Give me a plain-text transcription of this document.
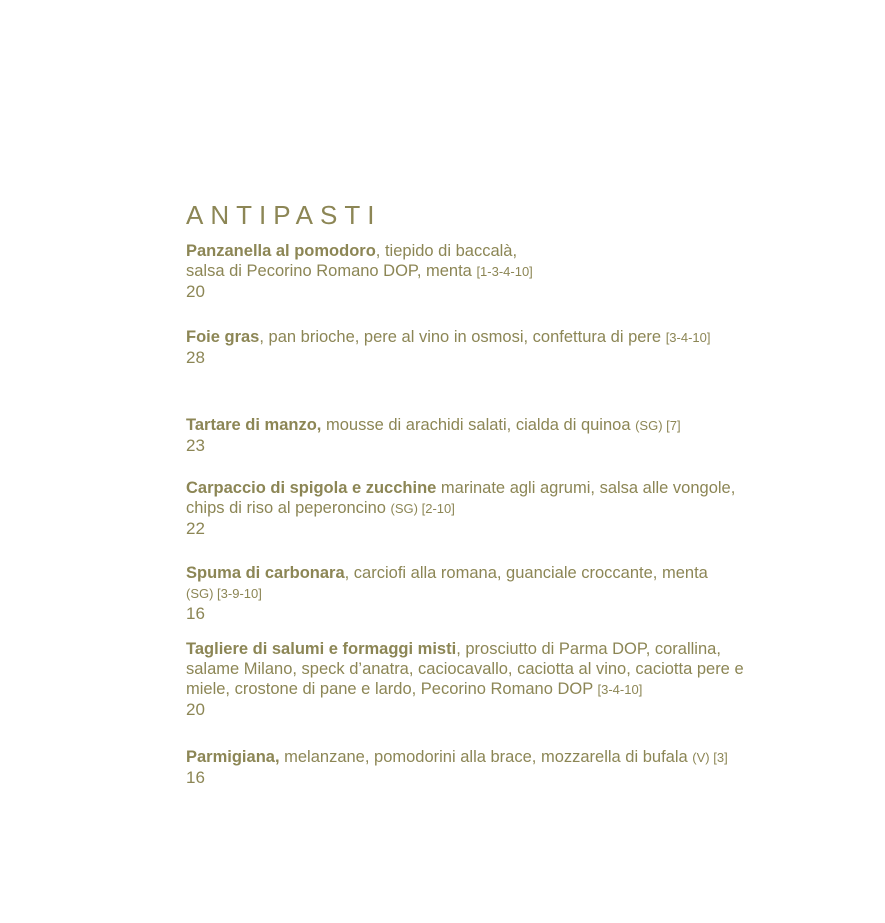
ANTIPASTI
Panzanella al pomodoro, tiepido di baccalà,
salsa di Pecorino Romano DOP, menta [1-3-4-10]
20
Foie gras, pan brioche, pere al vino in osmosi, confettura di pere [3-4-10]
28
Tartare di manzo, mousse di arachidi salati, cialda di quinoa (SG) [7]
23
Carpaccio di spigola e zucchine marinate agli agrumi, salsa alle vongole,
chips di riso al peperoncino (SG) [2-10]
22
Spuma di carbonara, carciofi alla romana, guanciale croccante, menta
(SG) [3-9-10]
16
Tagliere di salumi e formaggi misti, prosciutto di Parma DOP, corallina,
salame Milano, speck d’anatra, caciocavallo, caciotta al vino, caciotta pere e
miele, crostone di pane e lardo, Pecorino Romano DOP [3-4-10]
20
Parmigiana, melanzane, pomodorini alla brace, mozzarella di bufala (V) [3]
16
